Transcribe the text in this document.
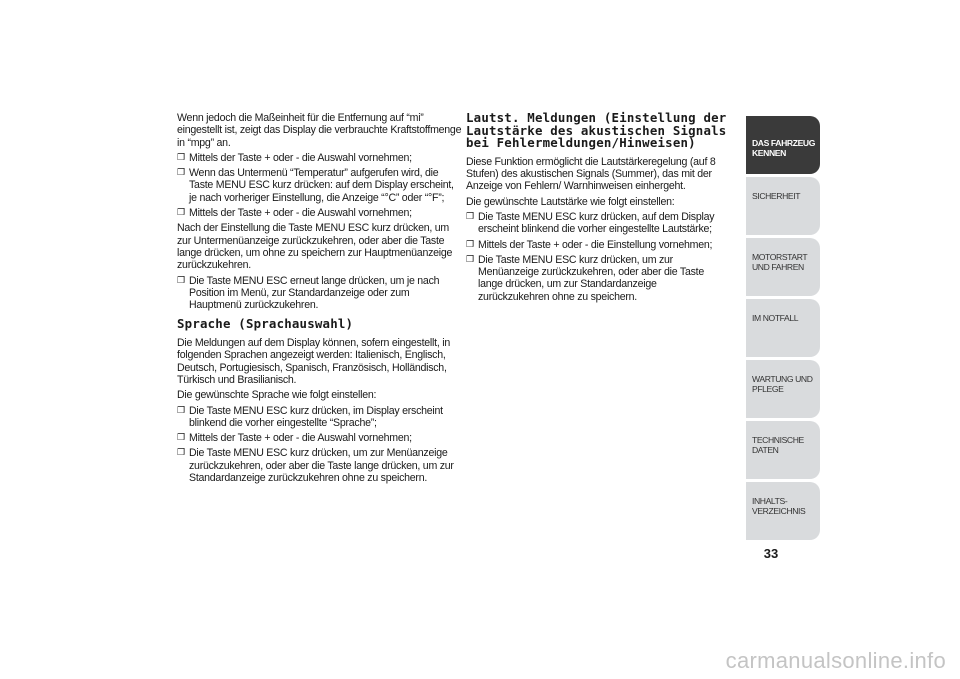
Wenn jedoch die Maßeinheit für die Entfernung auf “mi” eingestellt ist, zeigt das Display die verbrauchte Kraftstoffmenge in “mpg” an.

❒ Mittels der Taste + oder - die Auswahl vornehmen;
❒ Wenn das Untermenü “Temperatur” aufgerufen wird, die Taste MENU ESC kurz drücken: auf dem Display erscheint, je nach vorheriger Einstellung, die Anzeige “°C” oder “°F”;
❒ Mittels der Taste + oder - die Auswahl vornehmen;

Nach der Einstellung die Taste MENU ESC kurz drücken, um zur Untermenüanzeige zurückzukehren, oder aber die Taste lange drücken, um ohne zu speichern zur Hauptmenüanzeige zurückzukehren.

❒ Die Taste MENU ESC erneut lange drücken, um je nach Position im Menü, zur Standardanzeige oder zum Hauptmenü zurückzukehren.
Sprache (Sprachauswahl)

Die Meldungen auf dem Display können, sofern eingestellt, in folgenden Sprachen angezeigt werden: Italienisch, Englisch, Deutsch, Portugiesisch, Spanisch, Französisch, Holländisch, Türkisch und Brasilianisch.

Die gewünschte Sprache wie folgt einstellen:

❒ Die Taste MENU ESC kurz drücken, im Display erscheint blinkend die vorher eingestellte “Sprache”;
❒ Mittels der Taste + oder - die Auswahl vornehmen;
❒ Die Taste MENU ESC kurz drücken, um zur Menüanzeige zurückzukehren, oder aber die Taste lange drücken, um zur Standardanzeige zurückzukehren ohne zu speichern.
Lautst. Meldungen (Einstellung der Lautstärke des akustischen Signals bei Fehlermeldungen/Hinweisen)

Diese Funktion ermöglicht die Lautstärkeregelung (auf 8 Stufen) des akustischen Signals (Summer), das mit der Anzeige von Fehlern/ Warnhinweisen einhergeht.

Die gewünschte Lautstärke wie folgt einstellen:

❒ Die Taste MENU ESC kurz drücken, auf dem Display erscheint blinkend die vorher eingestellte Lautstärke;
❒ Mittels der Taste + oder - die Einstellung vornehmen;
❒ Die Taste MENU ESC kurz drücken, um zur Menüanzeige zurückzukehren, oder aber die Taste lange drücken, um zur Standardanzeige zurückzukehren ohne zu speichern.
DAS FAHRZEUG KENNEN
SICHERHEIT
MOTORSTART UND FAHREN
IM NOTFALL
WARTUNG UND PFLEGE
TECHNISCHE DATEN
INHALTS-VERZEICHNIS
33
carmanualsonline.info
